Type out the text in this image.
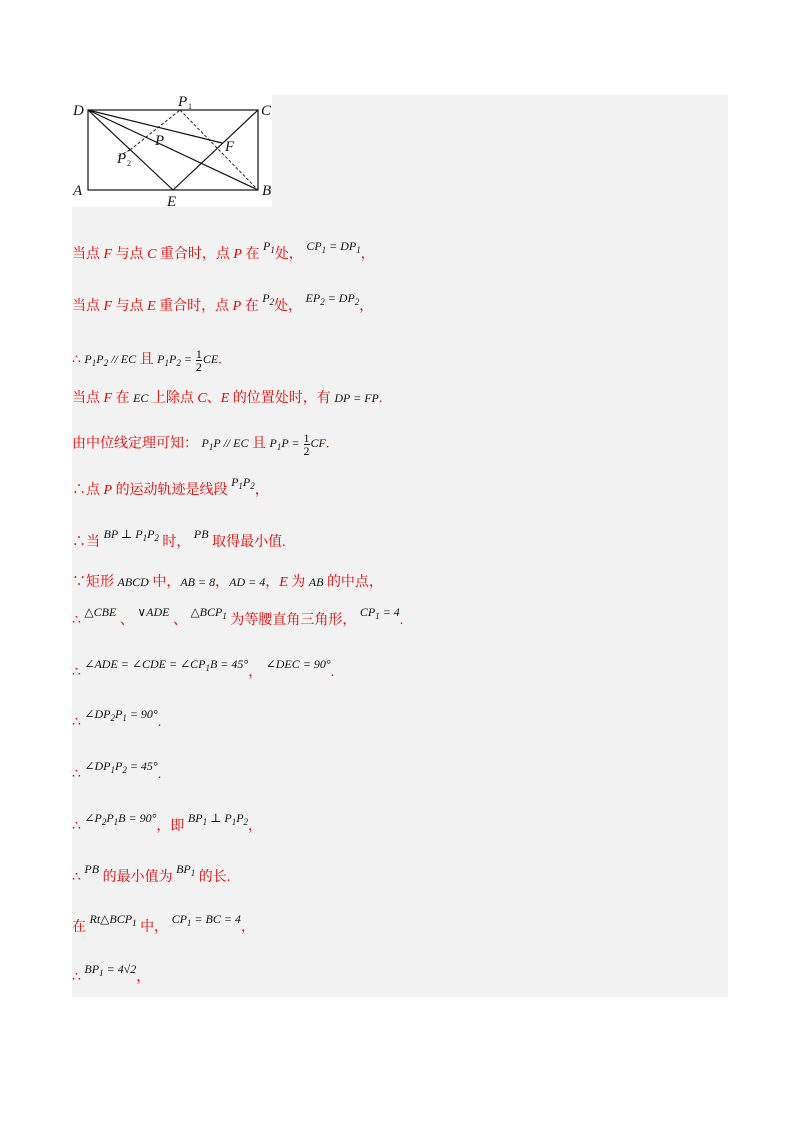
D	C
A	B
E
F
P
P 1
P 2
当点 F 与点 C 重合时，点 P 在 $P_1$处， $CP_1 = DP_1$，
当点 F 与点 E 重合时，点 P 在 $P_2$处， $EP_2 = DP_2$，
∴ $P_1P_2$ // EC 且 $P_1P_2 = \frac{1}{2}$ CE.
当点 F 在 EC 上除点 C、E 的位置处时，有 DP = FP.
由中位线定理可知： $P_1P$ // EC 且 $P_1P = \frac{1}{2}$ CF.
∴点 P 的运动轨迹是线段 $P_1P_2$，
∴当 BP ⊥ $P_1P_2$ 时， PB 取得最小值.
∵矩形 ABCD 中，AB = 8，AD = 4，E 为 AB 的中点，
∴ △CBE 、 ∨ADE 、 $\triangle BCP_1$ 为等腰直角三角形， $CP_1 = 4$.
∴ ∠ADE = ∠CDE = $\angle CP_1B = 45^\circ$， ∠DEC = 90°.
∴ $\angle DP_2P_1 = 90^\circ$.
∴ $\angle DP_1P_2 = 45^\circ$.
∴ $\angle P_2P_1B = 90^\circ$，即 $BP_1$ ⊥ $P_1P_2$，
∴ PB 的最小值为 $BP_1$ 的长.
在 $Rt\triangle BCP_1$ 中， $CP_1$ = BC = 4，
∴ $BP_1 = 4√2$，
